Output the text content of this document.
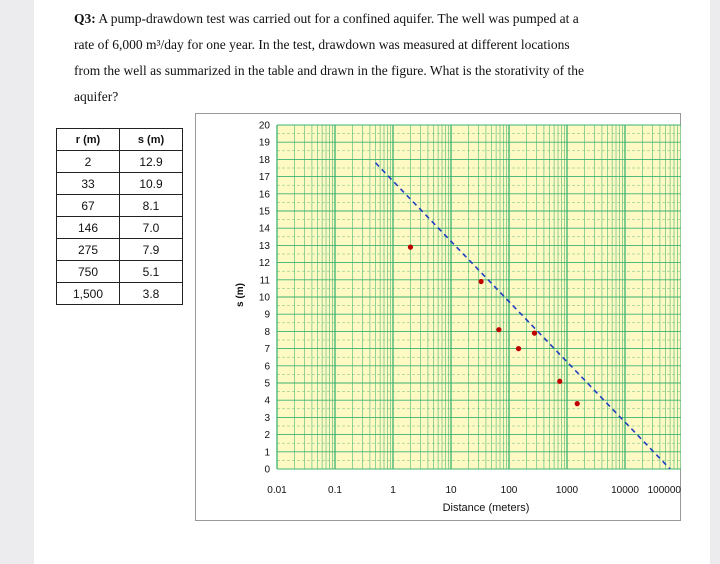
Q3: A pump-drawdown test was carried out for a confined aquifer. The well was pumped at a
rate of 6,000 m³/day for one year. In the test, drawdown was measured at different locations
from the well as summarized in the table and drawn in the figure. What is the storativity of the
aquifer?
r (m)	s (m)
2	12.9
33	10.9
67	8.1
146	7.0
275	7.9
750	5.1
1,500	3.8
0
1
2
3
4
5
6
7
8
9
10
11
12
13
14
15
16
17
18
19
20
0.01	0.1	1	10	100	1000	10000 100000
s (m)
Distance (meters)
